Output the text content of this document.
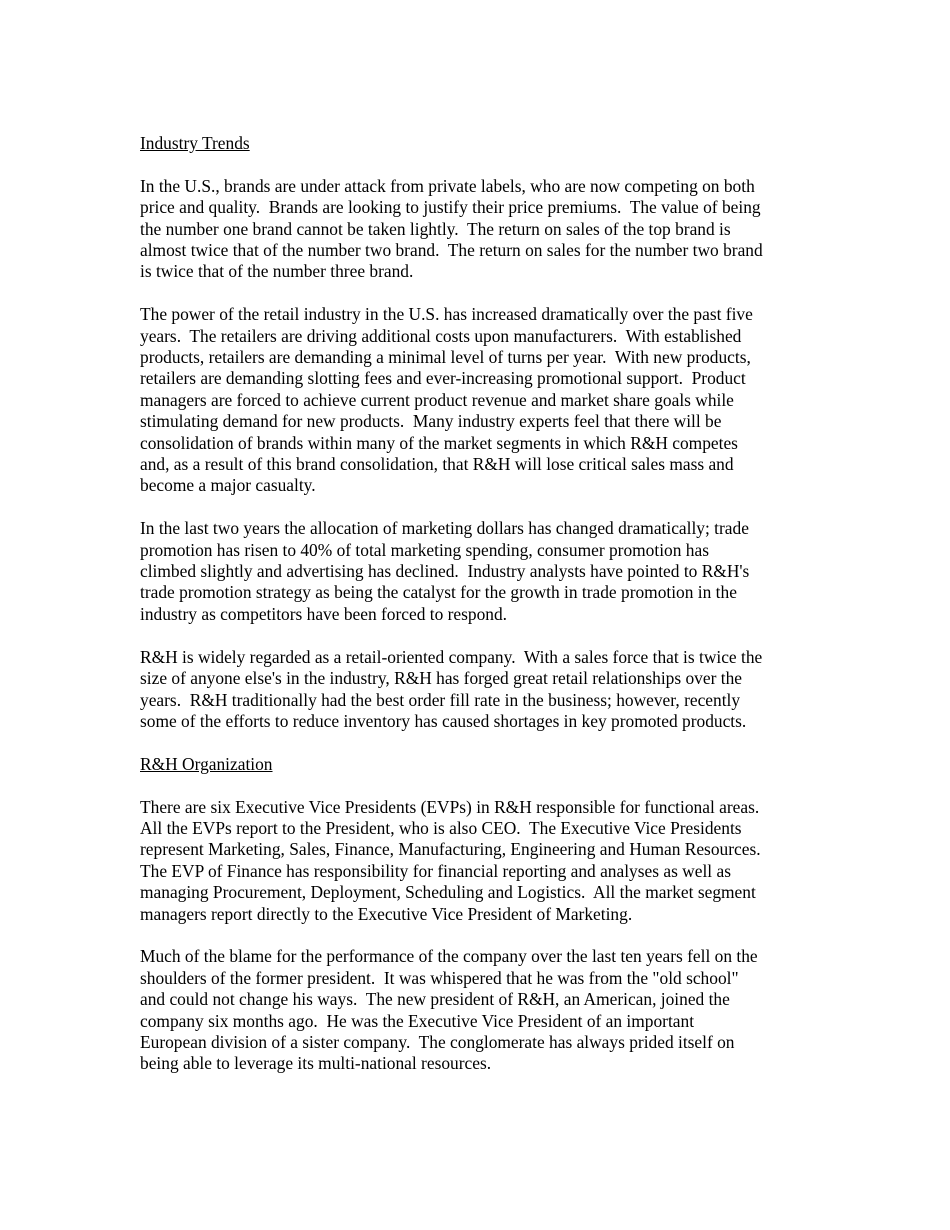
Industry Trends

In the U.S., brands are under attack from private labels, who are now competing on both
price and quality.  Brands are looking to justify their price premiums.  The value of being
the number one brand cannot be taken lightly.  The return on sales of the top brand is
almost twice that of the number two brand.  The return on sales for the number two brand
is twice that of the number three brand.

The power of the retail industry in the U.S. has increased dramatically over the past five
years.  The retailers are driving additional costs upon manufacturers.  With established
products, retailers are demanding a minimal level of turns per year.  With new products,
retailers are demanding slotting fees and ever-increasing promotional support.  Product
managers are forced to achieve current product revenue and market share goals while
stimulating demand for new products.  Many industry experts feel that there will be
consolidation of brands within many of the market segments in which R&H competes
and, as a result of this brand consolidation, that R&H will lose critical sales mass and
become a major casualty.

In the last two years the allocation of marketing dollars has changed dramatically; trade
promotion has risen to 40% of total marketing spending, consumer promotion has
climbed slightly and advertising has declined.  Industry analysts have pointed to R&H's
trade promotion strategy as being the catalyst for the growth in trade promotion in the
industry as competitors have been forced to respond.

R&H is widely regarded as a retail-oriented company.  With a sales force that is twice the
size of anyone else's in the industry, R&H has forged great retail relationships over the
years.  R&H traditionally had the best order fill rate in the business; however, recently
some of the efforts to reduce inventory has caused shortages in key promoted products.

R&H Organization

There are six Executive Vice Presidents (EVPs) in R&H responsible for functional areas.
All the EVPs report to the President, who is also CEO.  The Executive Vice Presidents
represent Marketing, Sales, Finance, Manufacturing, Engineering and Human Resources.
The EVP of Finance has responsibility for financial reporting and analyses as well as
managing Procurement, Deployment, Scheduling and Logistics.  All the market segment
managers report directly to the Executive Vice President of Marketing.

Much of the blame for the performance of the company over the last ten years fell on the
shoulders of the former president.  It was whispered that he was from the "old school"
and could not change his ways.  The new president of R&H, an American, joined the
company six months ago.  He was the Executive Vice President of an important
European division of a sister company.  The conglomerate has always prided itself on
being able to leverage its multi-national resources.
